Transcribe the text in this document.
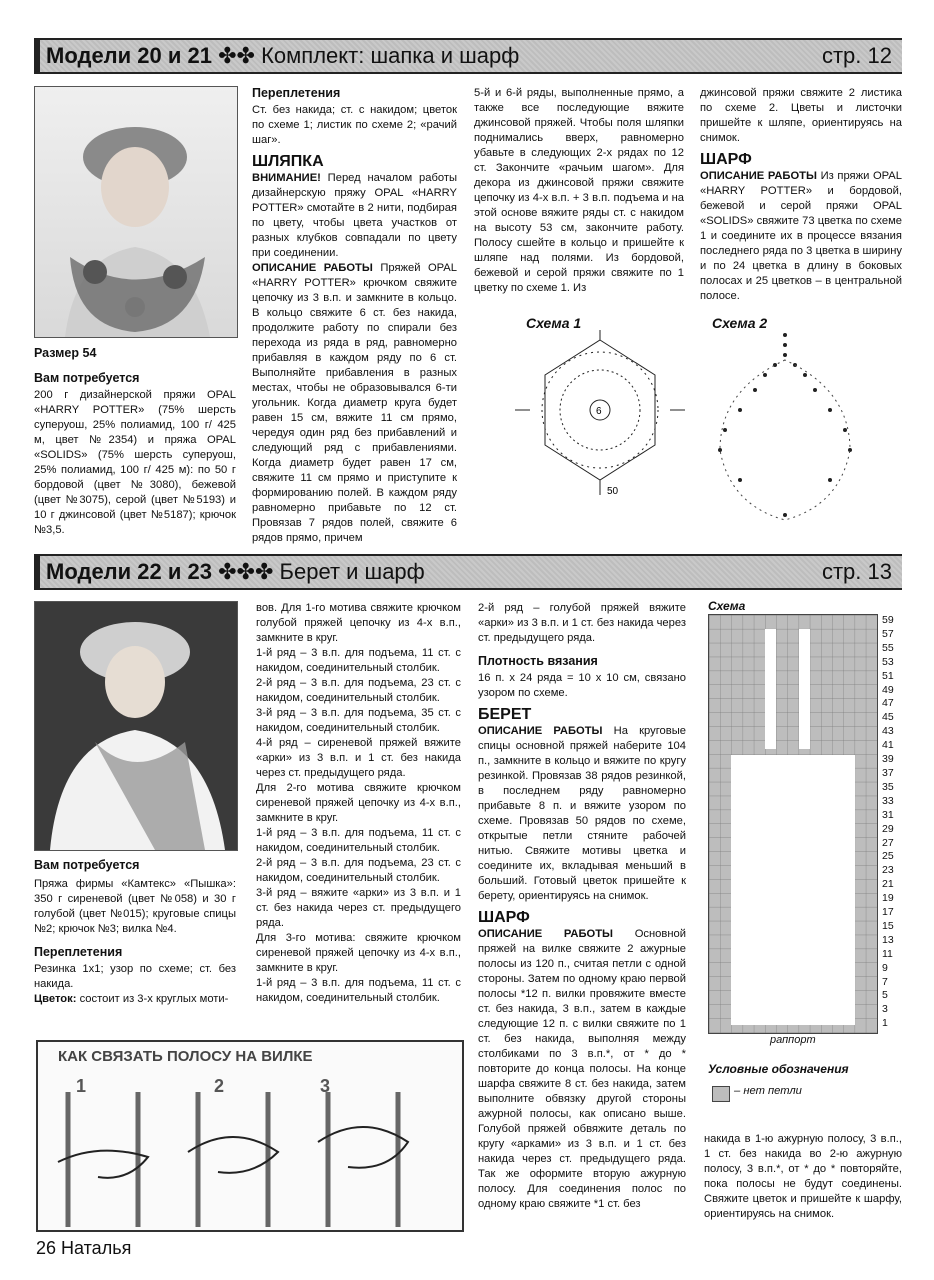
Модели 20 и 21 ✤✤ Комплект: шапка и шарф	стр. 12
Размер 54
Вам потребуется

200 г дизайнерской пряжи OPAL «HARRY POTTER» (75% шерсть суперуош, 25% полиамид, 100 г/ 425 м, цвет №2354) и пряжа OPAL «SOLIDS» (75% шерсть суперуош, 25% полиамид, 100 г/ 425 м): по 50 г бордовой (цвет №3080), бежевой (цвет №3075), серой (цвет №5193) и 10 г джинсовой (цвет №5187); крючок №3,5.

Переплетения

Ст. без накида; ст. с накидом; цветок по схеме 1; листик по схеме 2; «рачий шаг».

ШЛЯПКА

ВНИМАНИЕ! Перед началом работы дизайнерскую пряжу OPAL «HARRY POTTER» смотайте в 2 нити, подбирая по цвету, чтобы цвета участков от разных клубков совпадали по цвету при соединении.

ОПИСАНИЕ РАБОТЫ Пряжей OPAL «HARRY POTTER» крючком свяжите цепочку из 3 в.п. и замкните в кольцо. В кольцо свяжите 6 ст. без накида, продолжите работу по спирали без перехода из ряда в ряд, равномерно прибавляя в каждом ряду по 6 ст. Выполняйте прибавления в разных местах, чтобы не образовывался 6-ти угольник. Когда диаметр круга будет равен 15 см, вяжите 11 см прямо, чередуя один ряд без прибавлений и следующий ряд с прибавлениями. Когда диаметр будет равен 17 см, свяжите 11 см прямо и приступите к формированию полей. В каждом ряду равномерно прибавьте по 12 ст. Провязав 7 рядов полей, свяжите 6 рядов прямо, причем

5-й и 6-й ряды, выполненные прямо, а также все последующие вяжите джинсовой пряжей. Чтобы поля шляпки поднимались вверх, равномерно убавьте в следующих 2-х рядах по 12 ст. Закончите «рачьим шагом». Для декора из джинсовой пряжи свяжите цепочку из 4-х в.п. + 3 в.п. подъема и на этой основе вяжите ряды ст. с накидом на высоту 53 см, закончите работу. Полосу сшейте в кольцо и пришейте к шляпе над полями. Из бордовой, бежевой и серой пряжи свяжите по 1 цветку по схеме 1. Из

джинсовой пряжи свяжите 2 листика по схеме 2. Цветы и листочки пришейте к шляпе, ориентируясь на снимок.

ШАРФ

ОПИСАНИЕ РАБОТЫ Из пряжи OPAL «HARRY POTTER» и бордовой, бежевой и серой пряжи OPAL «SOLIDS» свяжите 73 цветка по схеме 1 и соедините их в процессе вязания последнего ряда по 3 цветка в ширину и по 24 цветка в длину в боковых полосах и 25 цветков – в центральной полосе.

Схема 1
6
50
Схема 2
Модели 22 и 23 ✤✤✤ Берет и шарф	стр. 13
Вам потребуется

Пряжа фирмы «Камтекс» «Пышка»: 350 г сиреневой (цвет №058) и 30 г голубой (цвет №015); круговые спицы №2; крючок №3; вилка №4.

Переплетения

Резинка 1x1; узор по схеме; ст. без накида.

Цветок: состоит из 3-х круглых моти-

вов. Для 1-го мотива свяжите крючком голубой пряжей цепочку из 4-х в.п., замкните в круг.

1-й ряд – 3 в.п. для подъема, 11 ст. с накидом, соединительный столбик.

2-й ряд – 3 в.п. для подъема, 23 ст. с накидом, соединительный столбик.

3-й ряд – 3 в.п. для подъема, 35 ст. с накидом, соединительный столбик.

4-й ряд – сиреневой пряжей вяжите «арки» из 3 в.п. и 1 ст. без накида через ст. предыдущего ряда.

Для 2-го мотива свяжите крючком сиреневой пряжей цепочку из 4-х в.п., замкните в круг.

1-й ряд – 3 в.п. для подъема, 11 ст. с накидом, соединительный столбик.

2-й ряд – 3 в.п. для подъема, 23 ст. с накидом, соединительный столбик.

3-й ряд – вяжите «арки» из 3 в.п. и 1 ст. без накида через ст. предыдущего ряда.

Для 3-го мотива: свяжите крючком сиреневой пряжей цепочку из 4-х в.п., замкните в круг.

1-й ряд – 3 в.п. для подъема, 11 ст. с накидом, соединительный столбик.

2-й ряд – голубой пряжей вяжите «арки» из 3 в.п. и 1 ст. без накида через ст. предыдущего ряда.

Плотность вязания

16 п. x 24 ряда = 10 x 10 см, связано узором по схеме.

БЕРЕТ

ОПИСАНИЕ РАБОТЫ На круговые спицы основной пряжей наберите 104 п., замкните в кольцо и вяжите по кругу резинкой. Провязав 38 рядов резинкой, в последнем ряду равномерно прибавьте 8 п. и вяжите узором по схеме. Провязав 50 рядов по схеме, открытые петли стяните рабочей нитью. Свяжите мотивы цветка и соедините их, вкладывая меньший в больший. Готовый цветок пришейте к берету, ориентируясь на снимок.

ШАРФ

ОПИСАНИЕ РАБОТЫ Основной пряжей на вилке свяжите 2 ажурные полосы из 120 п., считая петли с одной стороны. Затем по одному краю первой полосы *12 п. вилки провяжите вместе ст. без накида, 3 в.п., затем в каждые следующие 12 п. с вилки свяжите по 1 ст. без накида, выполняя между столбиками по 3 в.п.*, от * до * повторите до конца полосы. На конце шарфа свяжите 8 ст. без накида, затем выполните обвязку другой стороны ажурной полосы, как описано выше. Голубой пряжей обвяжите деталь по кругу «арками» из 3 в.п. и 1 ст. без накида через ст. предыдущего ряда. Так же оформите вторую ажурную полосу. Для соединения полос по одному краю свяжите *1 ст. без

Схема
59
57
55
53
51
49
47
45
43
41
39
37
35
33
31
29
27
25
23
21
19
17
15
13
11
9
7
5
3
1
раппорт
Условные обозначения
– нет петли

накида в 1-ю ажурную полосу, 3 в.п., 1 ст. без накида во 2-ю ажурную полосу, 3 в.п.*, от * до * повторяйте, пока полосы не будут соединены. Свяжите цветок и пришейте к шарфу, ориентируясь на снимок.

КАК СВЯЗАТЬ ПОЛОСУ НА ВИЛКЕ
1	2	3
26 Наталья
